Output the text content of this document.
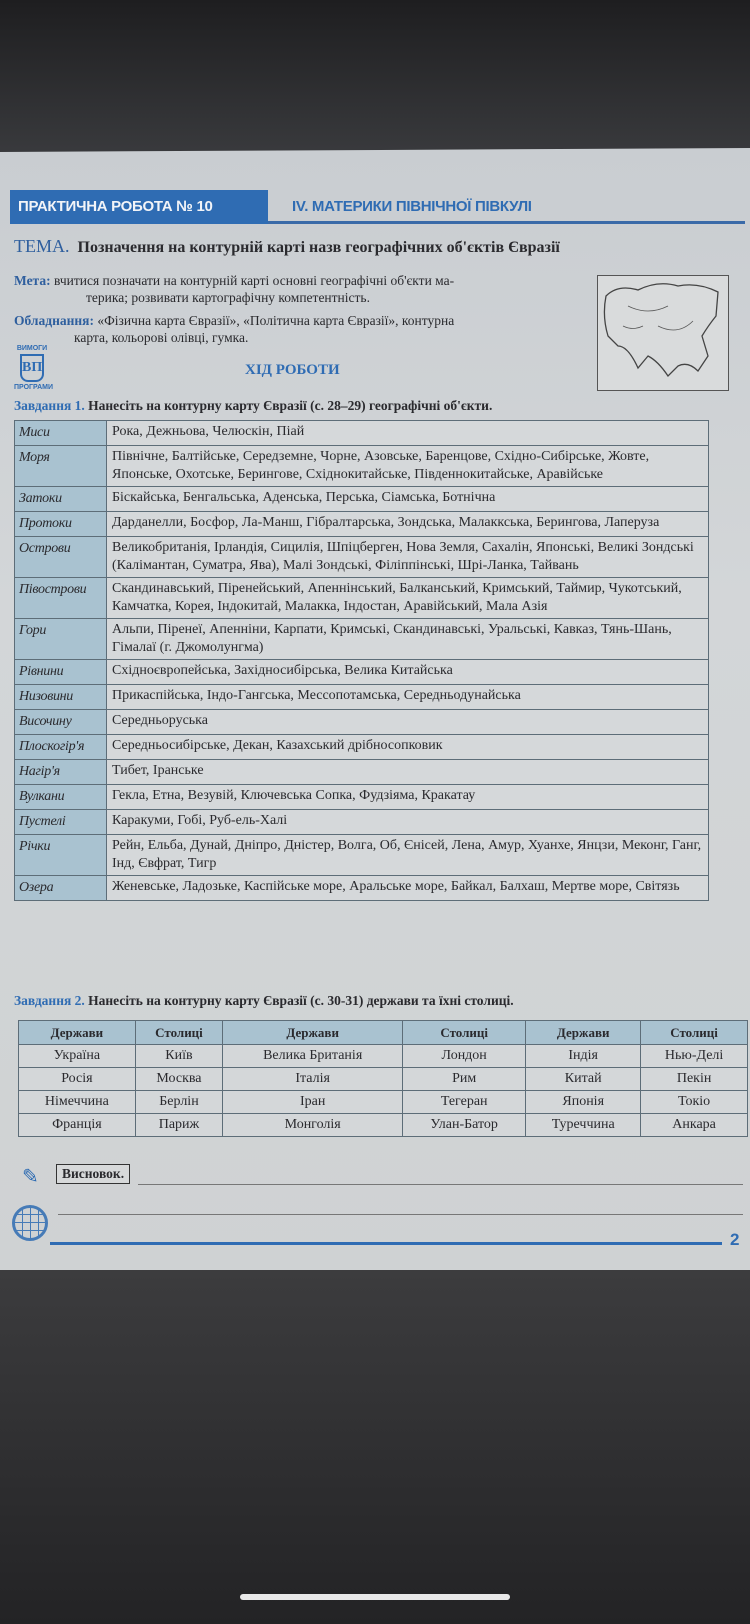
ПРАКТИЧНА РОБОТА № 10	IV. МАТЕРИКИ ПІВНІЧНОЇ ПІВКУЛІ
ТЕМА. Позначення на контурній карті назв географічних об'єктів Євразії
Мета: вчитися позначати на контурній карті основні географічні об'єкти ма-
терика; розвивати картографічну компетентність.
Обладнання: «Фізична карта Євразії», «Політична карта Євразії», контурна
карта, кольорові олівці, гумка.
ВИМОГИ
ВП
ПРОГРАМИ
ХІД РОБОТИ
Завдання 1. Нанесіть на контурну карту Євразії (с. 28–29) географічні об'єкти.
Миси	Рока, Дежньова, Челюскін, Піай
Моря	Північне, Балтійське, Середземне, Чорне, Азовське, Баренцове, Східно-Сибірське, Жовте, Японське, Охотське, Берингове, Східнокитайське, Південнокитайське, Аравійське
Затоки	Біскайська, Бенгальська, Аденська, Перська, Сіамська, Ботнічна
Протоки	Дарданелли, Босфор, Ла-Манш, Гібралтарська, Зондська, Малаккська, Берингова, Лаперуза
Острови	Великобританія, Ірландія, Сицилія, Шпіцберген, Нова Земля, Сахалін, Японські, Великі Зондські (Калімантан, Суматра, Ява), Малі Зондські, Філіппінські, Шрі-Ланка, Тайвань
Півострови	Скандинавський, Піренейський, Апеннінський, Балканський, Кримський, Таймир, Чукотський, Камчатка, Корея, Індокитай, Малакка, Індостан, Аравійський, Мала Азія
Гори	Альпи, Піренеї, Апенніни, Карпати, Кримські, Скандинавські, Уральські, Кавказ, Тянь-Шань, Гімалаї (г. Джомолунгма)
Рівнини	Східноєвропейська, Західносибірська, Велика Китайська
Низовини	Прикаспійська, Індо-Гангська, Мессопотамська, Середньодунайська
Височину	Середньоруська
Плоскогір'я	Середньосибірське, Декан, Казахський дрібносопковик
Нагір'я	Тибет, Іранське
Вулкани	Гекла, Етна, Везувій, Ключевська Сопка, Фудзіяма, Кракатау
Пустелі	Каракуми, Гобі, Руб-ель-Халі
Річки	Рейн, Ельба, Дунай, Дніпро, Дністер, Волга, Об, Єнісей, Лена, Амур, Хуанхе, Янцзи, Меконг, Ганг, Інд, Євфрат, Тигр
Озера	Женевське, Ладозьке, Каспійське море, Аральське море, Байкал, Балхаш, Мертве море, Світязь
Завдання 2. Нанесіть на контурну карту Євразії (с. 30-31) держави та їхні столиці.
Держави	Столиці	Держави	Столиці	Держави	Столиці
Україна	Київ	Велика Британія	Лондон	Індія	Нью-Делі
Росія	Москва	Італія	Рим	Китай	Пекін
Німеччина	Берлін	Іран	Тегеран	Японія	Токіо
Франція	Париж	Монголія	Улан-Батор	Туреччина	Анкара
✎	Висновок.
2
